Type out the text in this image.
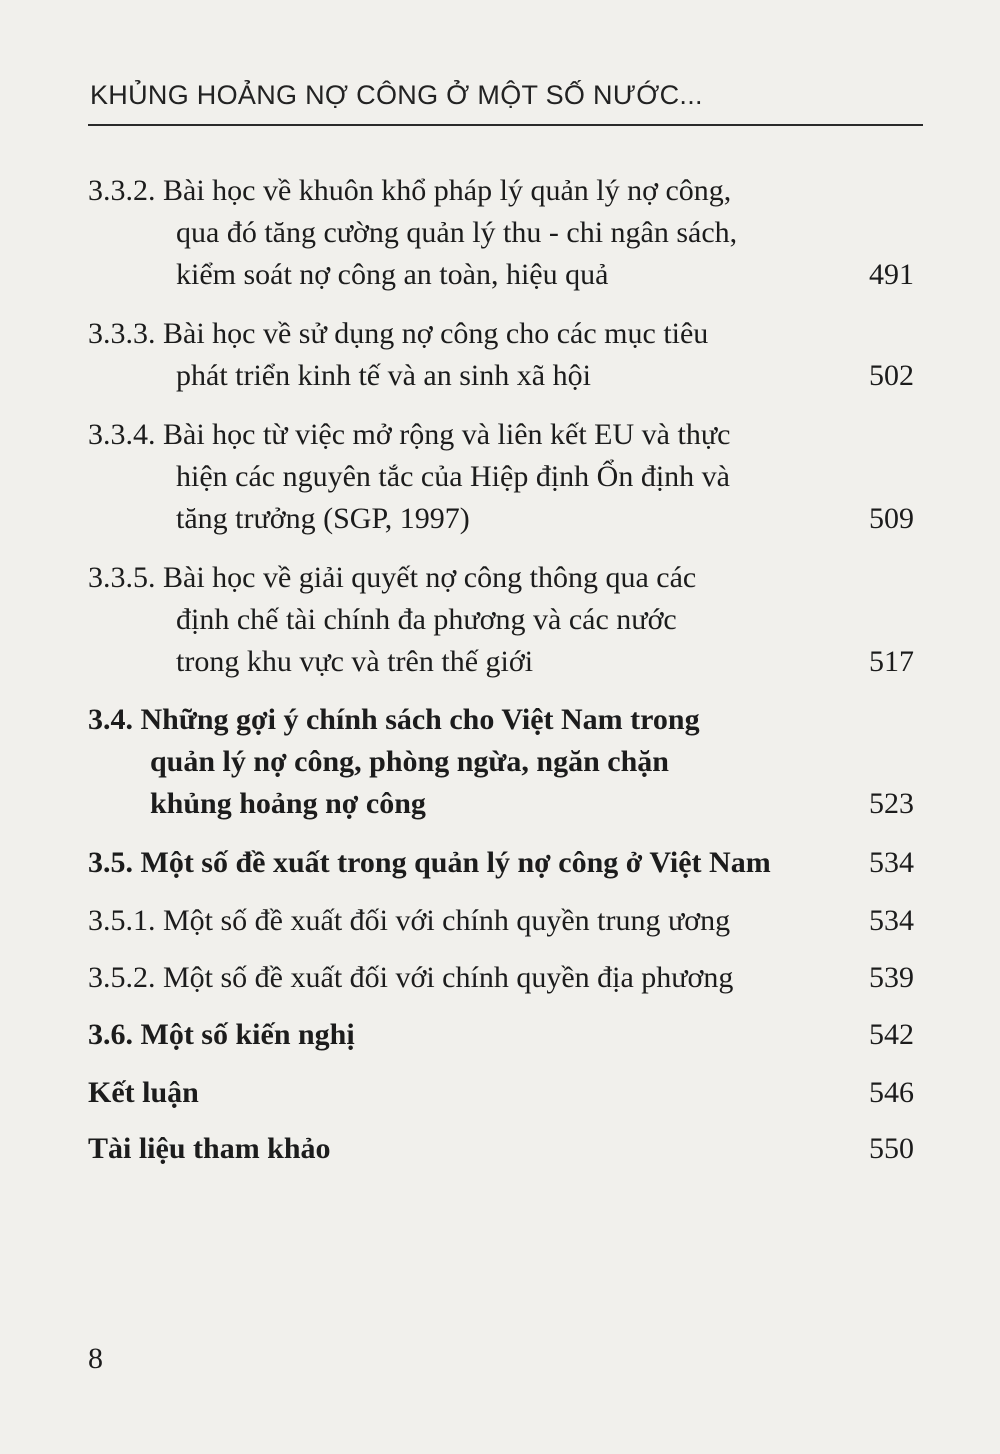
KHỦNG HOẢNG NỢ CÔNG Ở MỘT SỐ NƯỚC...
3.3.2. Bài học về khuôn khổ pháp lý quản lý nợ công,
qua đó tăng cường quản lý thu - chi ngân sách,
kiểm soát nợ công an toàn, hiệu quả	491
3.3.3. Bài học về sử dụng nợ công cho các mục tiêu
phát triển kinh tế và an sinh xã hội	502
3.3.4. Bài học từ việc mở rộng và liên kết EU và thực
hiện các nguyên tắc của Hiệp định Ổn định và
tăng trưởng (SGP, 1997)	509
3.3.5. Bài học về giải quyết nợ công thông qua các
định chế tài chính đa phương và các nước
trong khu vực và trên thế giới	517
3.4. Những gợi ý chính sách cho Việt Nam trong
quản lý nợ công, phòng ngừa, ngăn chặn
khủng hoảng nợ công	523
3.5. Một số đề xuất trong quản lý nợ công ở Việt Nam	534
3.5.1. Một số đề xuất đối với chính quyền trung ương	534
3.5.2. Một số đề xuất đối với chính quyền địa phương	539
3.6. Một số kiến nghị	542
Kết luận	546
Tài liệu tham khảo	550
8
